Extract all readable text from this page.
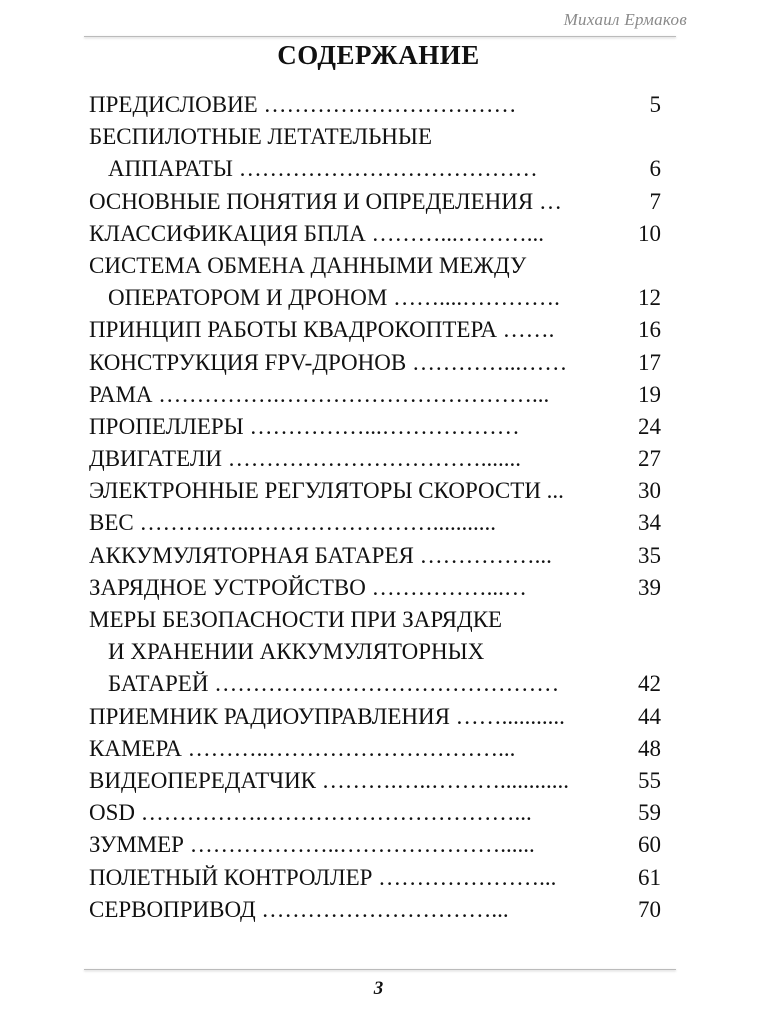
Михаил Ермаков
СОДЕРЖАНИЕ
ПРЕДИСЛОВИЕ ……………………………	5
БЕСПИЛОТНЫЕ ЛЕТАТЕЛЬНЫЕ
АППАРАТЫ …………………………………	6
ОСНОВНЫЕ ПОНЯТИЯ И ОПРЕДЕЛЕНИЯ …	7
КЛАССИФИКАЦИЯ БПЛА ………...………...	10
СИСТЕМА ОБМЕНА ДАННЫМИ МЕЖДУ
ОПЕРАТОРОМ И ДРОНОМ ……....………….	12
ПРИНЦИП РАБОТЫ КВАДРОКОПТЕРА …….	16
КОНСТРУКЦИЯ FPV-ДРОНОВ …………...……	17
РАМА …………….……………………………...	19
ПРОПЕЛЛЕРЫ ……………...………………	24
ДВИГАТЕЛИ …………………………….......	27
ЭЛЕКТРОННЫЕ РЕГУЛЯТОРЫ СКОРОСТИ ...	30
BEC ……….…..……………………...........	34
АККУМУЛЯТОРНАЯ БАТАРЕЯ ……………...	35
ЗАРЯДНОЕ УСТРОЙСТВО ……………...…	39
МЕРЫ БЕЗОПАСНОСТИ ПРИ ЗАРЯДКЕ
И ХРАНЕНИИ АККУМУЛЯТОРНЫХ
БАТАРЕЙ ………………………………………	42
ПРИЕМНИК РАДИОУПРАВЛЕНИЯ ……...........	44
КАМЕРА ………..…………………………...	48
ВИДЕОПЕРЕДАТЧИК ……….…..………............	55
OSD …………….……………………………...	59
ЗУММЕР ………………..…………………......	60
ПОЛЕТНЫЙ КОНТРОЛЛЕР …………………...	61
СЕРВОПРИВОД …………………………...	70
3
